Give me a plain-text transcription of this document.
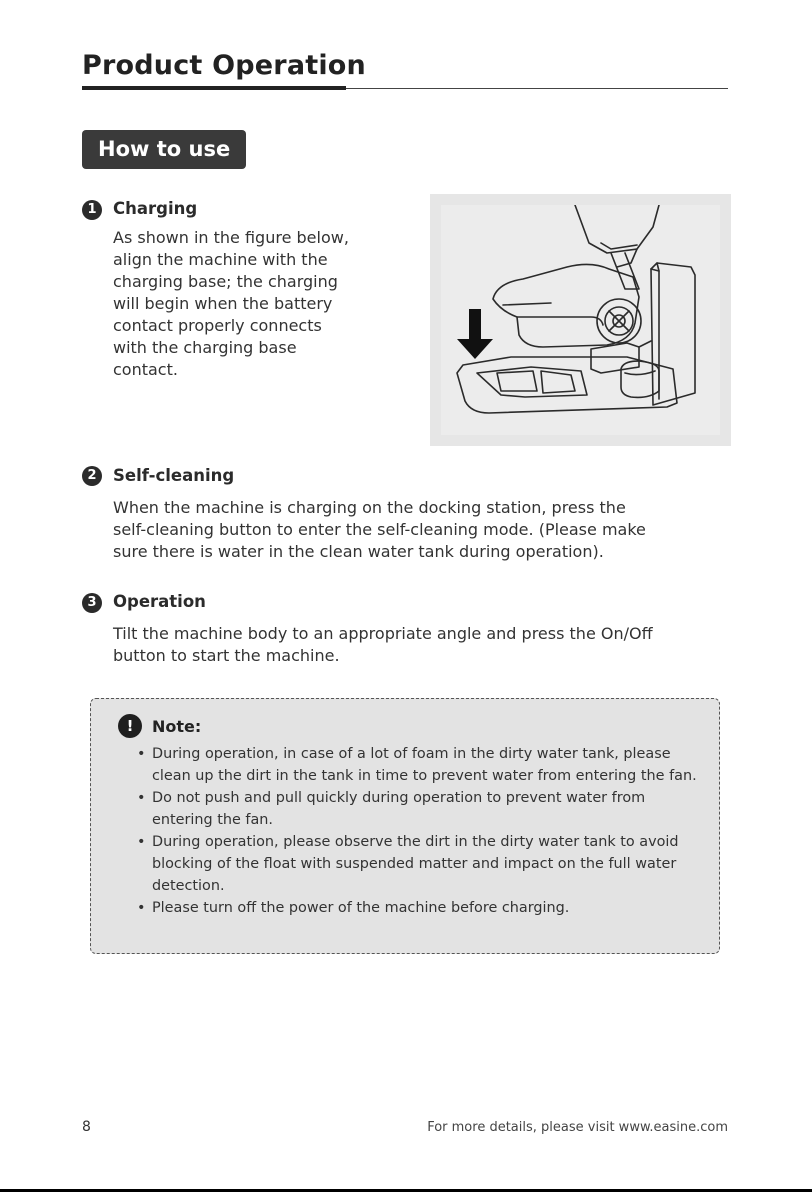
Product Operation
How to use
1 Charging
As shown in the figure below,
align the machine with the
charging base; the charging
will begin when the battery
contact properly connects
with the charging base
contact.
2 Self-cleaning
When the machine is charging on the docking station, press the
self-cleaning button to enter the self-cleaning mode. (Please make
sure there is water in the clean water tank during operation).
3 Operation
Tilt the machine body to an appropriate angle and press the On/Off
button to start the machine.
!	Note:
• During operation, in case of a lot of foam in the dirty water tank, please clean up the dirt in the tank in time to prevent water from entering the fan.
• Do not push and pull quickly during operation to prevent water from entering the fan.
• During operation, please observe the dirt in the dirty water tank to avoid blocking of the float with suspended matter and impact on the full water detection.
• Please turn off the power of the machine before charging.
8	For more details, please visit www.easine.com
